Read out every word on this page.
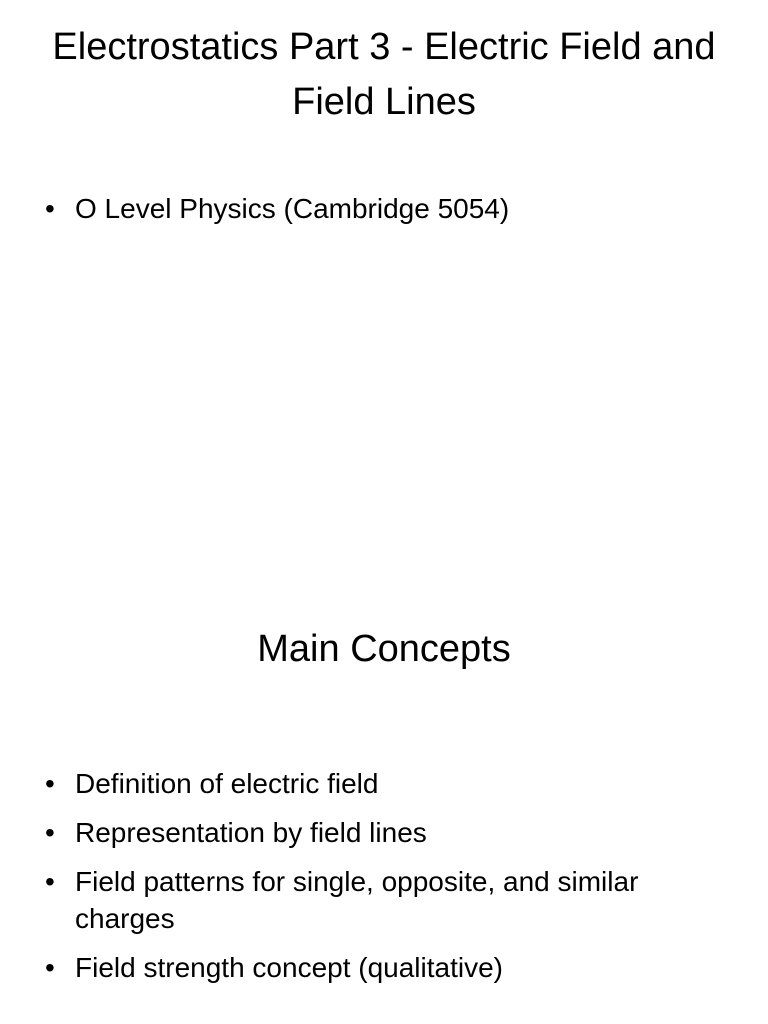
Electrostatics Part 3 - Electric Field and Field Lines
• O Level Physics (Cambridge 5054)
Main Concepts
• Definition of electric field
• Representation by field lines
• Field patterns for single, opposite, and similar charges
• Field strength concept (qualitative)
